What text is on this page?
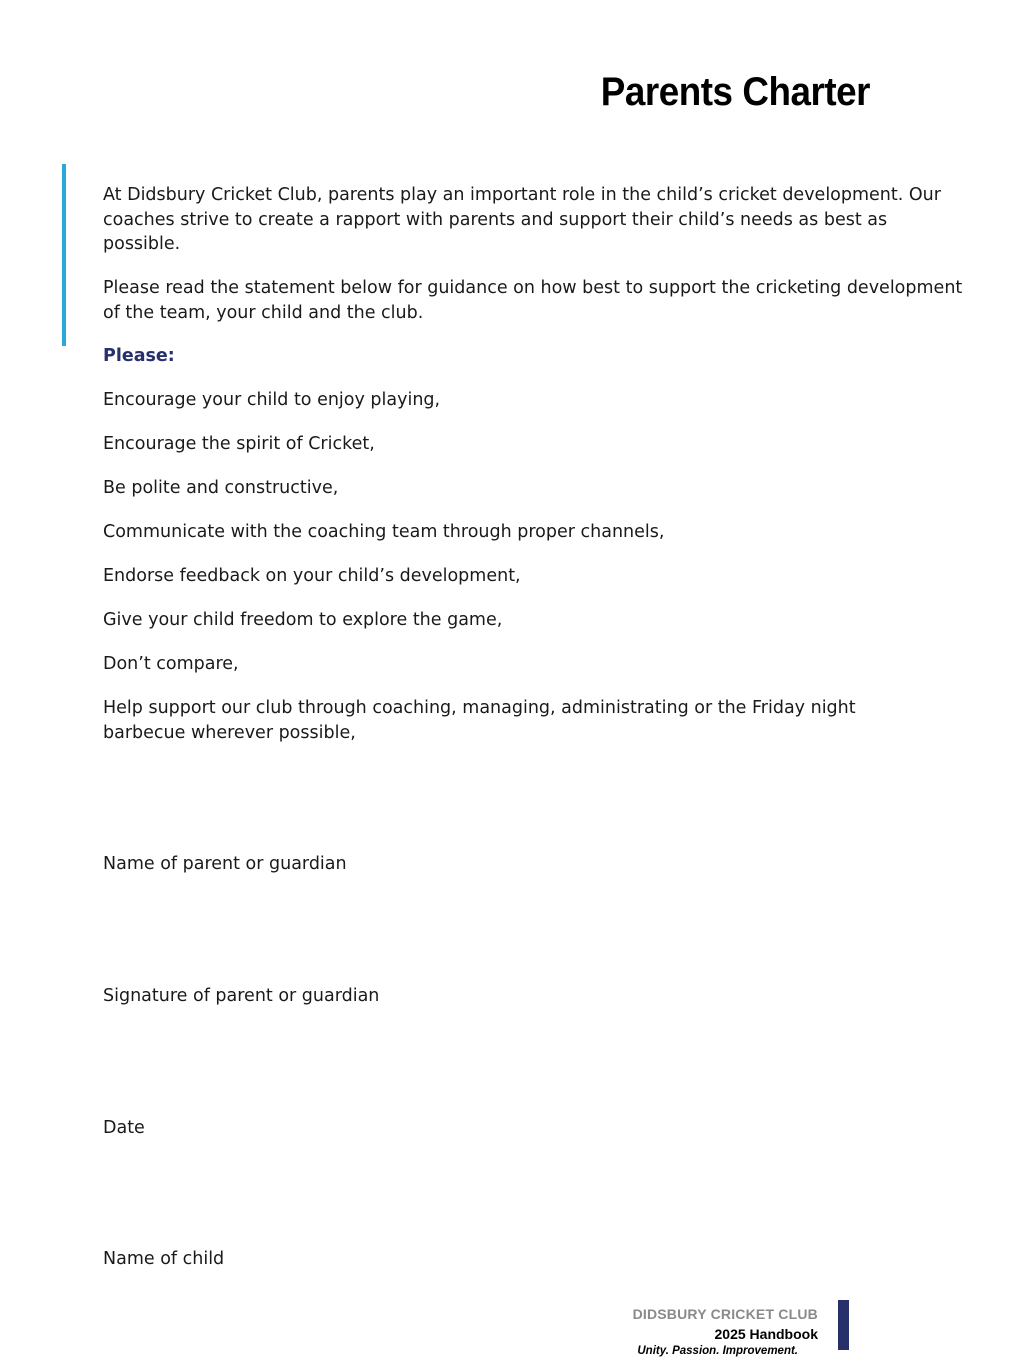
Parents Charter
At Didsbury Cricket Club, parents play an important role in the child’s cricket development. Our coaches strive to create a rapport with parents and support their child’s needs as best as possible.
Please read the statement below for guidance on how best to support the cricketing development of the team, your child and the club.
Please:
Encourage your child to enjoy playing,
Encourage the spirit of Cricket,
Be polite and constructive,
Communicate with the coaching team through proper channels,
Endorse feedback on your child’s development,
Give your child freedom to explore the game,
Don’t compare,
Help support our club through coaching, managing, administrating or the Friday night barbecue wherever possible,
Name of parent or guardian
Signature of parent or guardian
Date
Name of child
DIDSBURY CRICKET CLUB
2025 Handbook
Unity. Passion. Improvement.
